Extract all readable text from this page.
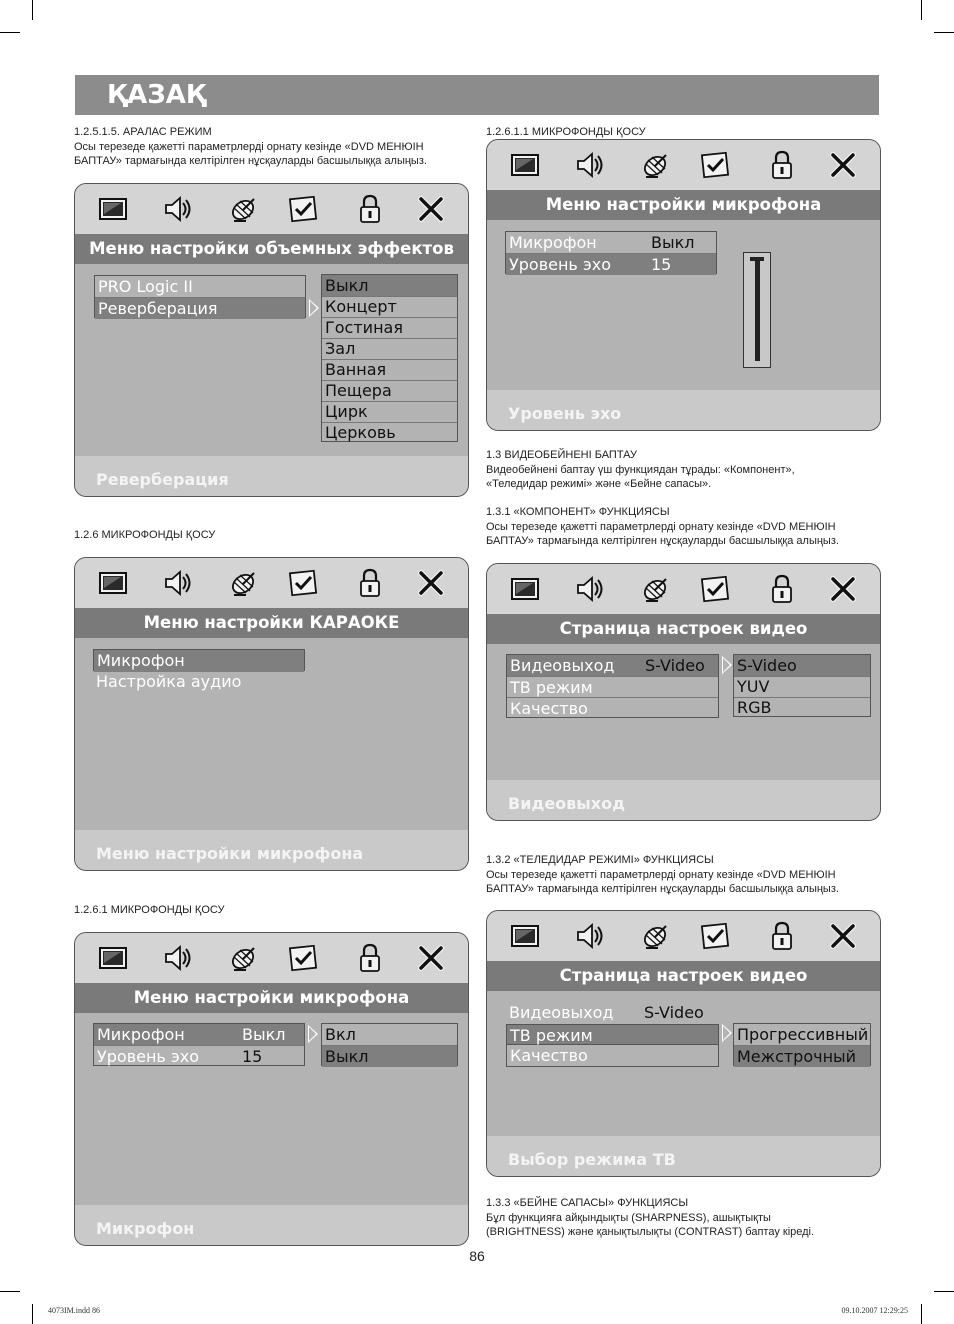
ҚАЗАҚ
1.2.5.1.5. АРАЛАС РЕЖИМ
Осы терезеде қажетті параметрлерді орнату кезінде «DVD МЕНЮІН
БАПТАУ» тармағында келтірілген нұсқауларды басшылыққа алыңыз.
1.2.6 МИКРОФОНДЫ ҚОСУ
1.2.6.1 МИКРОФОНДЫ ҚОСУ
1.2.6.1.1 МИКРОФОНДЫ ҚОСУ
1.3 ВИДЕОБЕЙНЕНІ БАПТАУ
Видеобейнені баптау үш функциядан тұрады: «Компонент»,
«Теледидар режимі» және «Бейне сапасы».
1.3.1 «КОМПОНЕНТ» ФУНКЦИЯСЫ
Осы терезеде қажетті параметрлерді орнату кезінде «DVD МЕНЮІН
БАПТАУ» тармағында келтірілген нұсқауларды басшылыққа алыңыз.
1.3.2 «ТЕЛЕДИДАР РЕЖИМІ» ФУНКЦИЯСЫ
Осы терезеде қажетті параметрлерді орнату кезінде «DVD МЕНЮІН
БАПТАУ» тармағында келтірілген нұсқауларды басшылыққа алыңыз.
1.3.3 «БЕЙНЕ САПАСЫ» ФУНКЦИЯСЫ
Бұл функцияға айқындықты (SHARPNESS), ашықтықты
(BRIGHTNESS) және қанықтылықты (CONTRAST) баптау кіреді.
Меню настройки объемных эффектов
PRO Logic II
Реверберация
Выкл
Концерт
Гостиная
Зал
Ванная
Пещера
Цирк
Церковь
Реверберация
Меню настройки КАРАОКЕ
Микрофон
Настройка аудио
Меню настройки микрофона
Меню настройки микрофона
Микрофон	Выкл
Уровень эхо	15
Вкл
Выкл
Микрофон
Меню настройки микрофона
Микрофон	Выкл
Уровень эхо	15
Уровень эхо
Страница настроек видео
Видеовыход S-Video
ТВ режим
Качество
S-Video
YUV
RGB
Видеовыход
Страница настроек видео
Видеовыход S-Video
ТВ режим
Качество
Прогрессивный
Межстрочный
Выбор режима ТВ
86
4073IM.indd 86	09.10.2007 12:29:25
